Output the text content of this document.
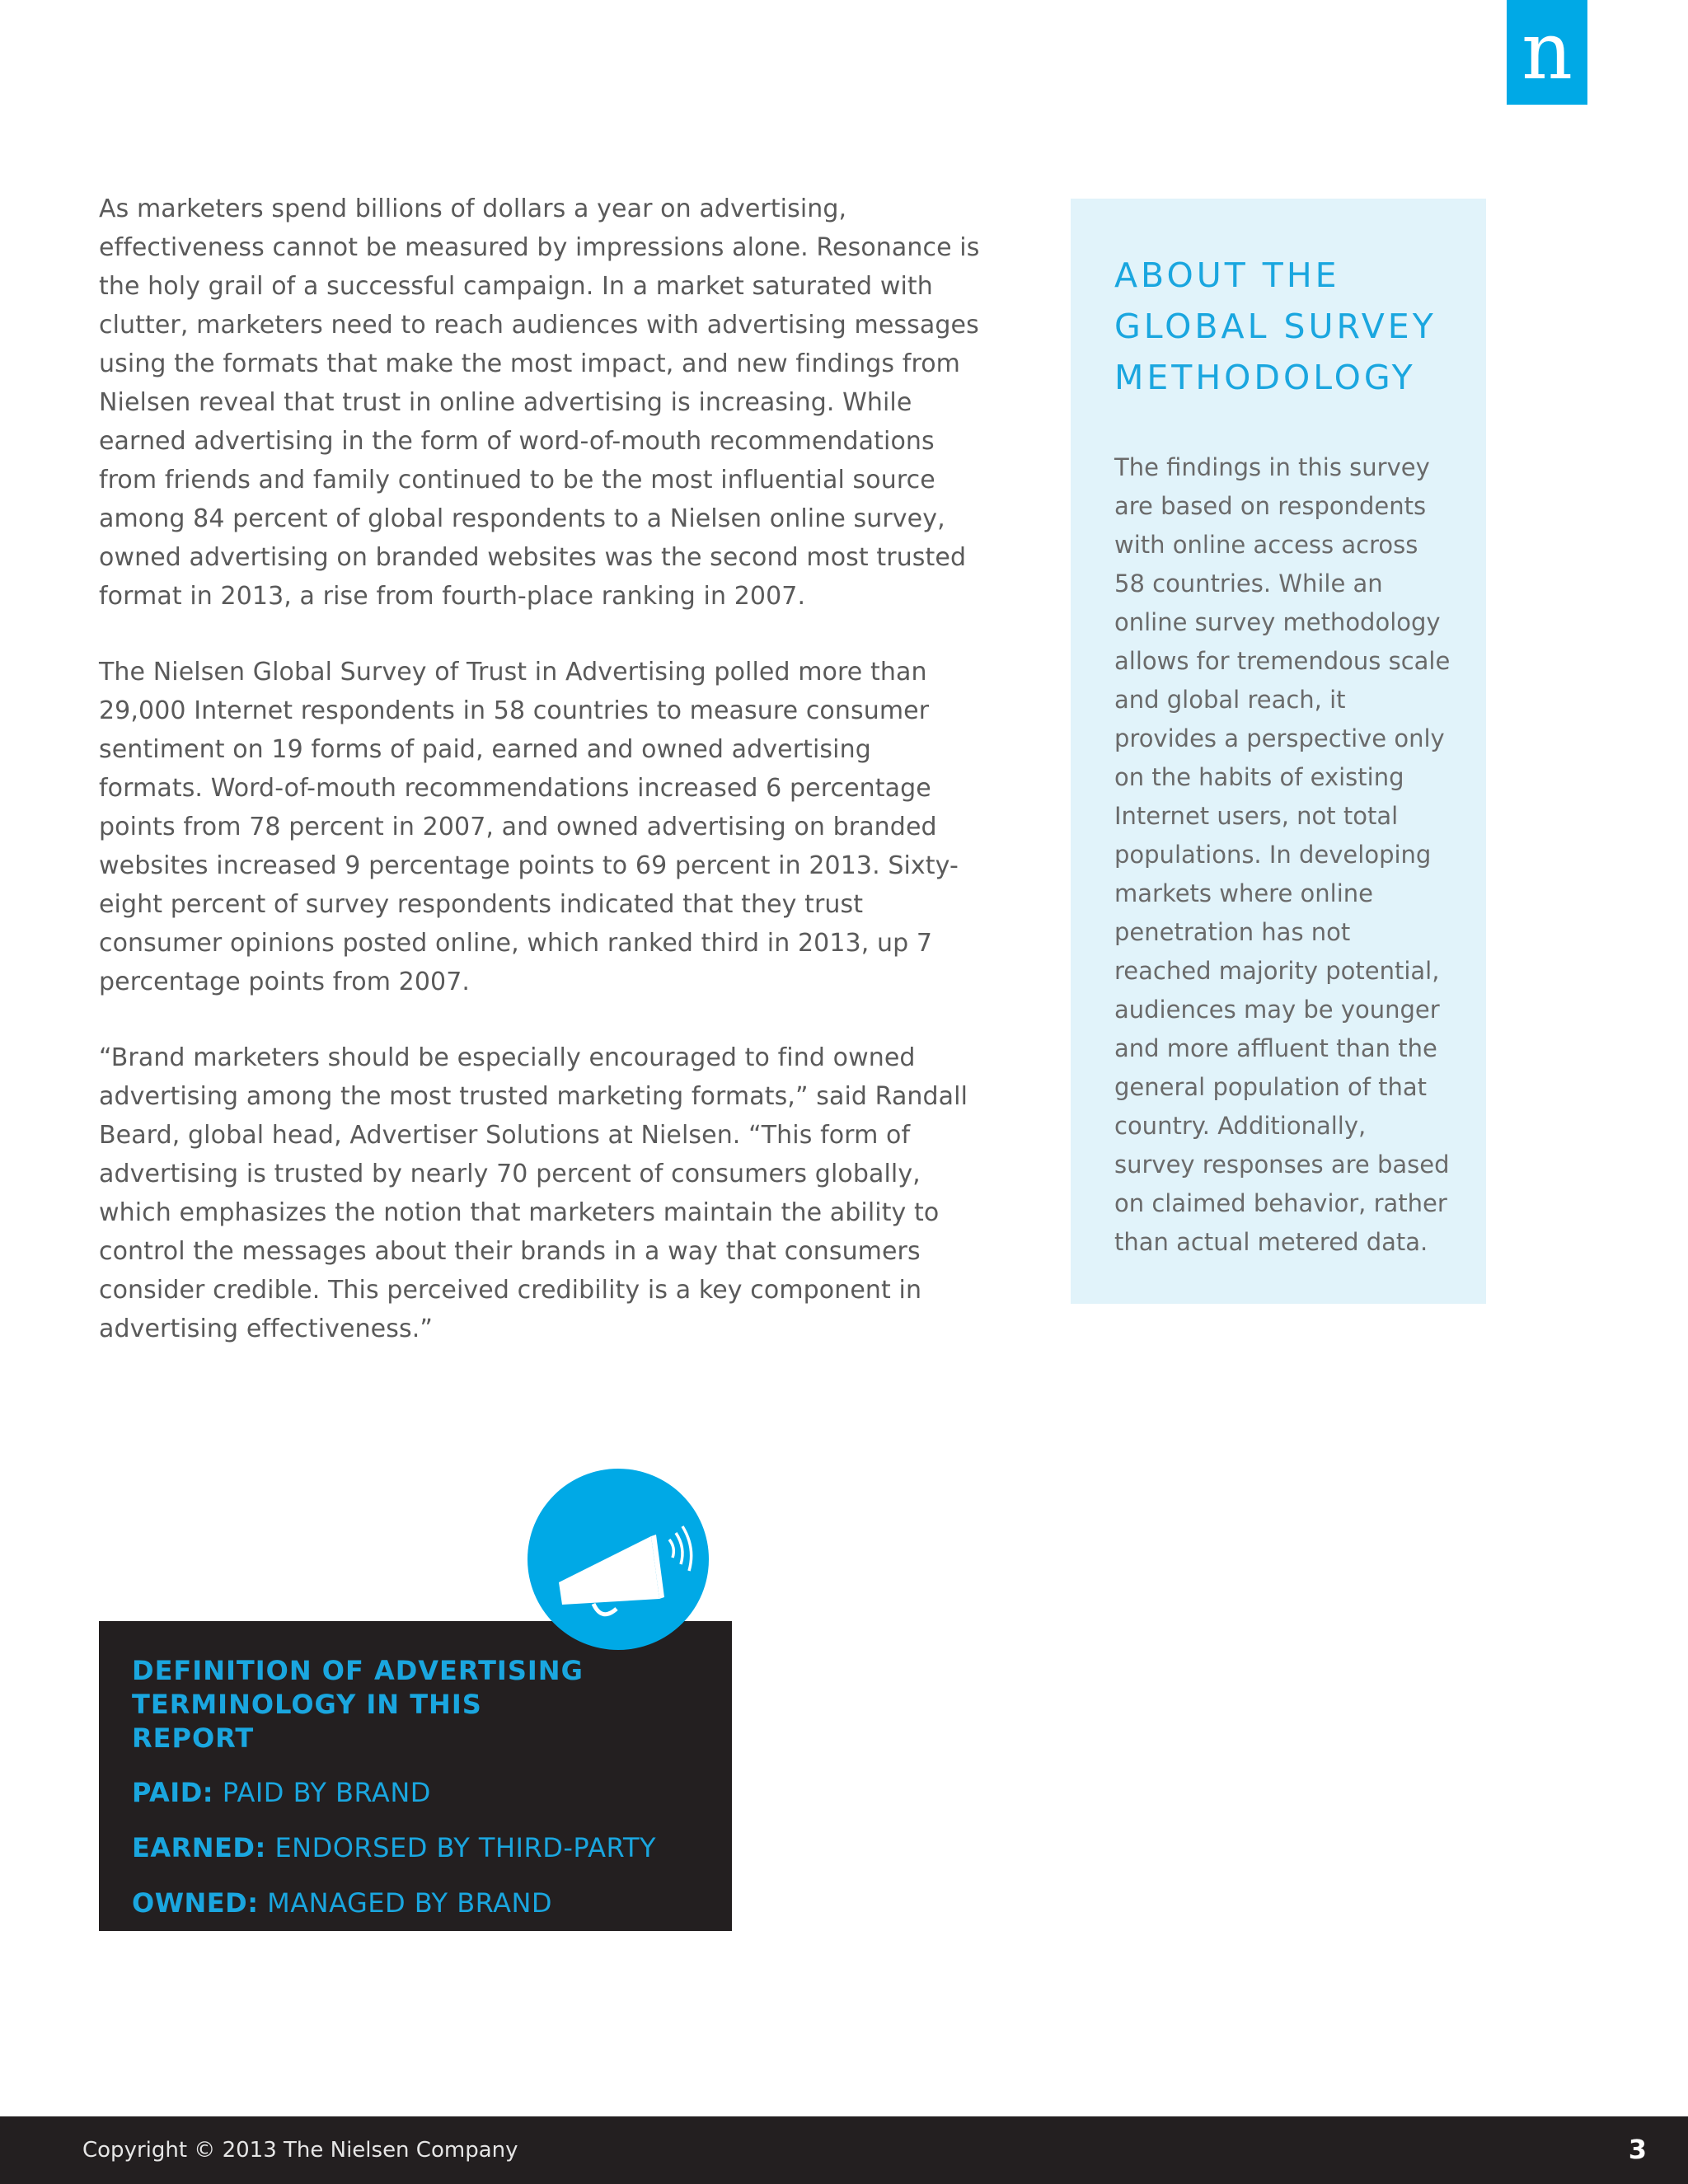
n

As marketers spend billions of dollars a year on advertising, effectiveness cannot be measured by impressions alone. Resonance is the holy grail of a successful campaign. In a market saturated with clutter, marketers need to reach audiences with advertising messages using the formats that make the most impact, and new findings from Nielsen reveal that trust in online advertising is increasing. While earned advertising in the form of word-of-mouth recommendations from friends and family continued to be the most influential source among 84 percent of global respondents to a Nielsen online survey, owned advertising on branded websites was the second most trusted format in 2013, a rise from fourth-place ranking in 2007.

The Nielsen Global Survey of Trust in Advertising polled more than 29,000 Internet respondents in 58 countries to measure consumer sentiment on 19 forms of paid, earned and owned advertising formats. Word-of-mouth recommendations increased 6 percentage points from 78 percent in 2007, and owned advertising on branded websites increased 9 percentage points to 69 percent in 2013. Sixty-eight percent of survey respondents indicated that they trust consumer opinions posted online, which ranked third in 2013, up 7 percentage points from 2007.

“Brand marketers should be especially encouraged to find owned advertising among the most trusted marketing formats,” said Randall Beard, global head, Advertiser Solutions at Nielsen. “This form of advertising is trusted by nearly 70 percent of consumers globally, which emphasizes the notion that marketers maintain the ability to control the messages about their brands in a way that consumers consider credible. This perceived credibility is a key component in advertising effectiveness.”

ABOUT THE GLOBAL SURVEY METHODOLOGY

The findings in this survey are based on respondents with online access across 58 countries. While an online survey methodology allows for tremendous scale and global reach, it provides a perspective only on the habits of existing Internet users, not total populations. In developing markets where online penetration has not reached majority potential, audiences may be younger and more affluent than the general population of that country. Additionally, survey responses are based on claimed behavior, rather than actual metered data.

DEFINITION OF ADVERTISING TERMINOLOGY IN THIS REPORT
PAID: PAID BY BRAND
EARNED: ENDORSED BY THIRD-PARTY
OWNED: MANAGED BY BRAND
Copyright © 2013 The Nielsen Company	3
